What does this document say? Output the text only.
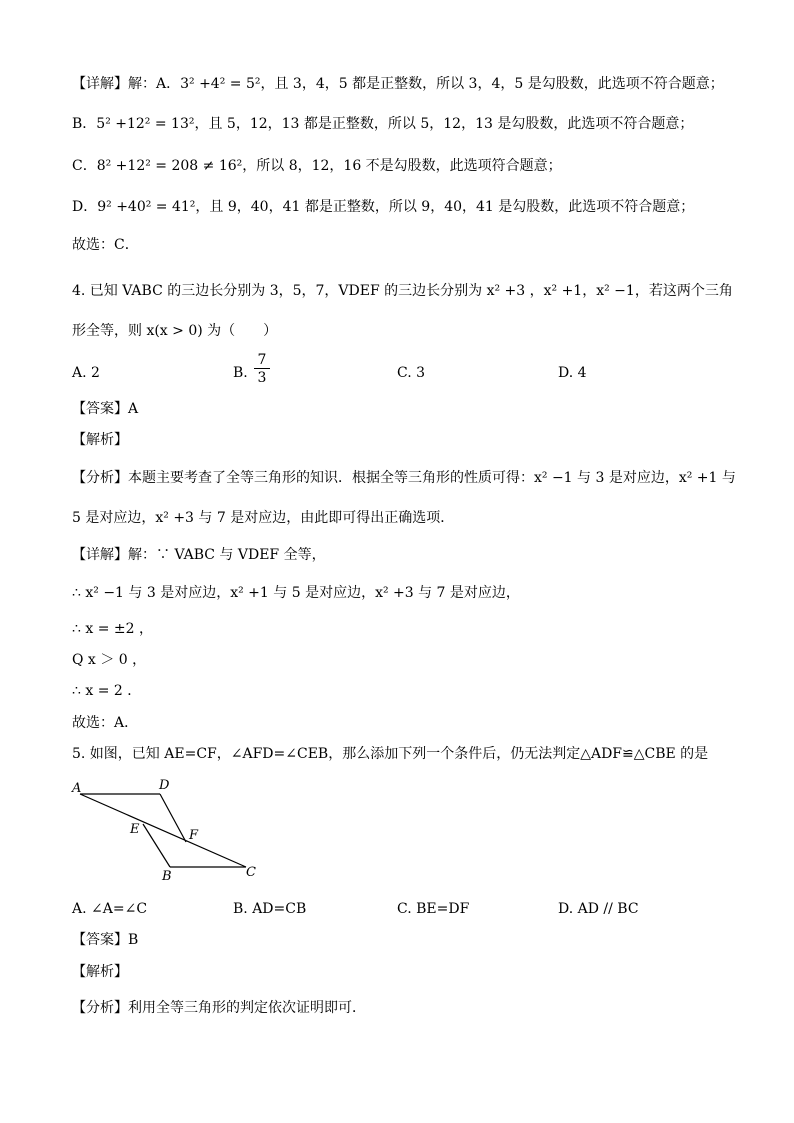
【详解】解：A．3² +4² = 5²，且 3，4，5 都是正整数，所以 3，4，5 是勾股数，此选项不符合题意；
B．5² +12² = 13²，且 5，12，13 都是正整数，所以 5，12，13 是勾股数，此选项不符合题意；
C．8² +12² = 208 ≠ 16²，所以 8，12，16 不是勾股数，此选项符合题意；
D．9² +40² = 41²，且 9，40，41 都是正整数，所以 9，40，41 是勾股数，此选项不符合题意；
故选：C．
4. 已知 VABC 的三边长分别为 3，5，7，VDEF 的三边长分别为 x² +3 ，x² +1，x² −1，若这两个三角
形全等，则 x(x > 0) 为（　　）
A. 2	B. $\frac{7}{3}$	C. 3	D. 4
【答案】A
【解析】
【分析】本题主要考查了全等三角形的知识．根据全等三角形的性质可得：x² −1 与 3 是对应边，x² +1 与
5 是对应边，x² +3 与 7 是对应边，由此即可得出正确选项．
【详解】解：∵ VABC 与 VDEF 全等，
∴ x² −1 与 3 是对应边，x² +1 与 5 是对应边，x² +3 与 7 是对应边，
∴ x = ±2 ，
Q x ＞ 0 ，
∴ x = 2 ．
故选：A．
5. 如图，已知 AE=CF，∠AFD=∠CEB，那么添加下列一个条件后，仍无法判定△ADF≌△CBE 的是
A	D
E	F
B	C
A. ∠A=∠C	B. AD=CB	C. BE=DF	D. AD // BC
【答案】B
【解析】
【分析】利用全等三角形的判定依次证明即可．
